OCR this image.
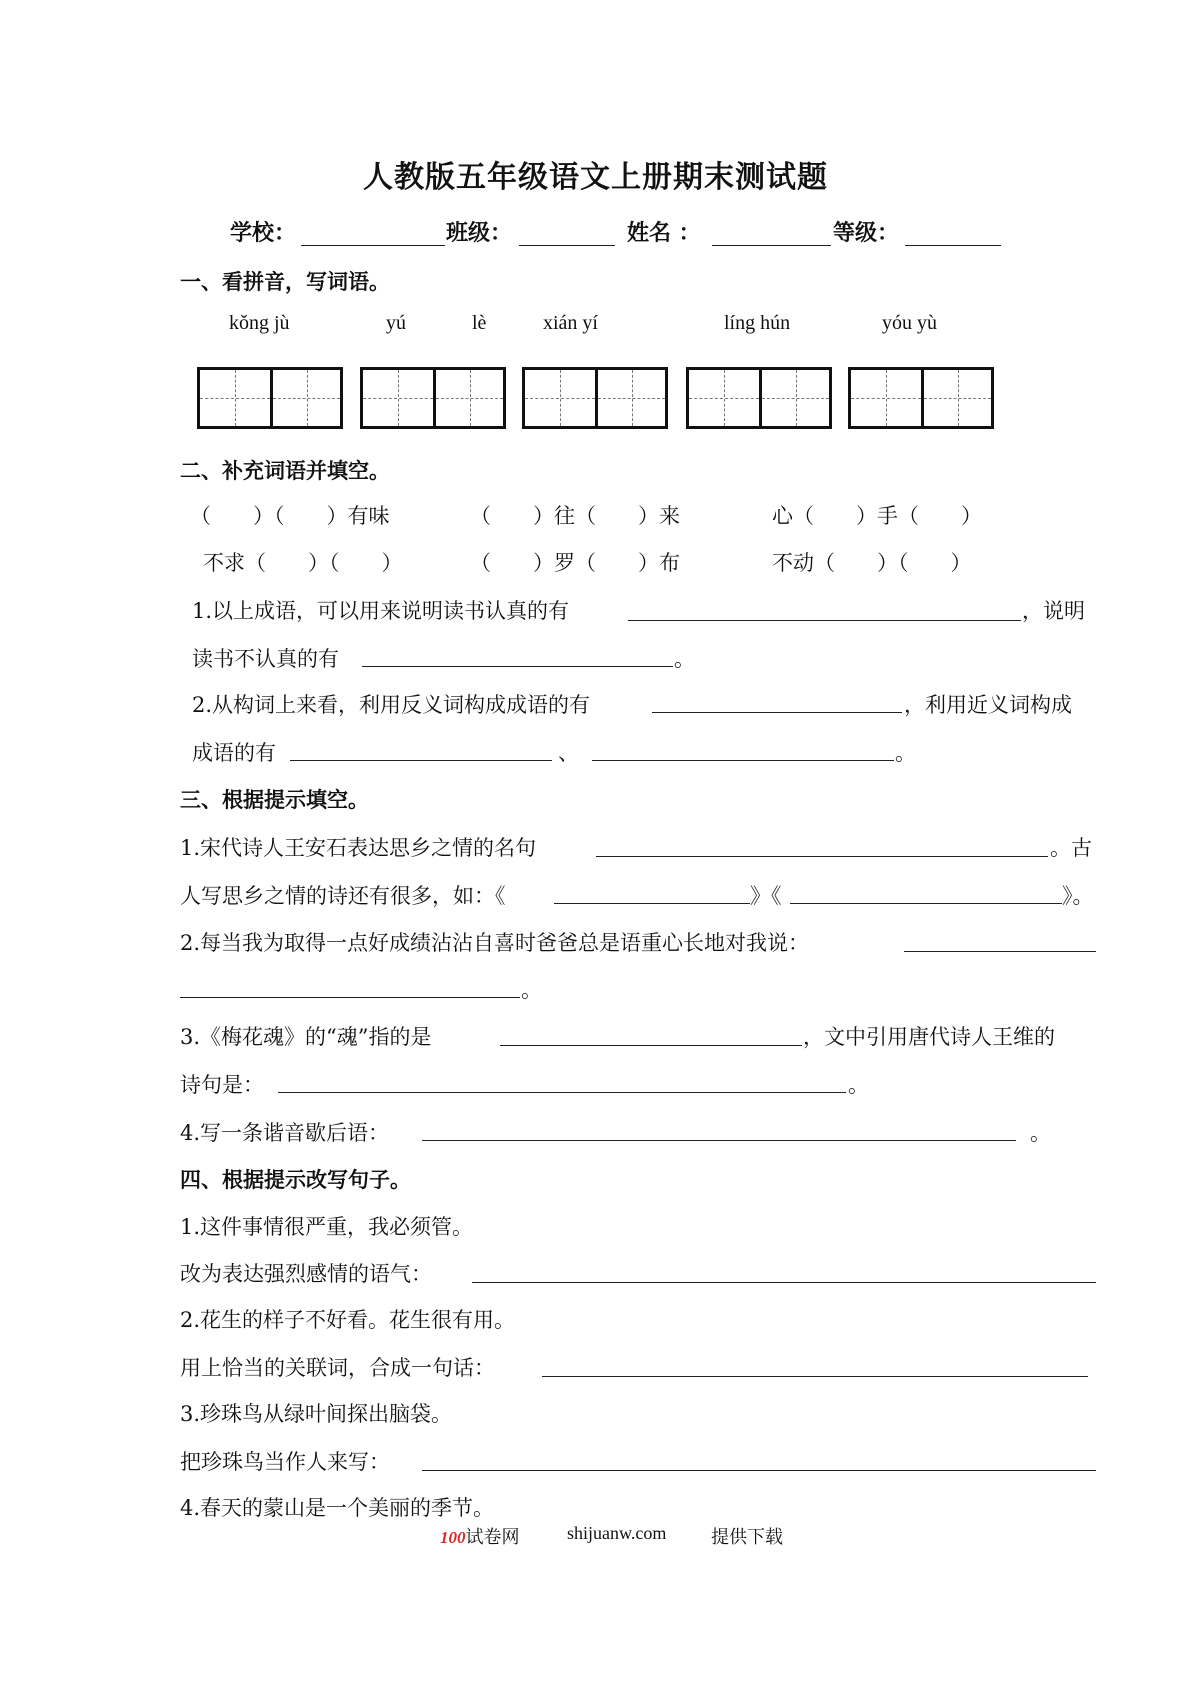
人教版五年级语文上册期末测试题
学校：	班级：	姓名 ：	等级：
一、看拼音，写词语。
kǒng jù	yú	lè	xián yí	líng hún	yóu yù
二、补充词语并填空。
（　　）（　　）有味	（　　）往（　　）来	心（　　）手（　　）
不求（　　）（　　）	（　　）罗（　　）布	不动（　　）（　　）
1.以上成语，可以用来说明读书认真的有	，说明
读书不认真的有	。
2.从构词上来看，利用反义词构成成语的有	，利用近义词构成
成语的有	、	。
三、根据提示填空。
1.宋代诗人王安石表达思乡之情的名句	。古
人写思乡之情的诗还有很多，如：《	》《	》。
2.每当我为取得一点好成绩沾沾自喜时爸爸总是语重心长地对我说：
。
3.《梅花魂》的“魂”指的是	，文中引用唐代诗人王维的
诗句是：	。
4.写一条谐音歇后语：	。
四、根据提示改写句子。
1.这件事情很严重，我必须管。
改为表达强烈感情的语气：
2.花生的样子不好看。花生很有用。
用上恰当的关联词，合成一句话：
3.珍珠鸟从绿叶间探出脑袋。
把珍珠鸟当作人来写：
4.春天的蒙山是一个美丽的季节。
100试卷网	shijuanw.com 提供下载
